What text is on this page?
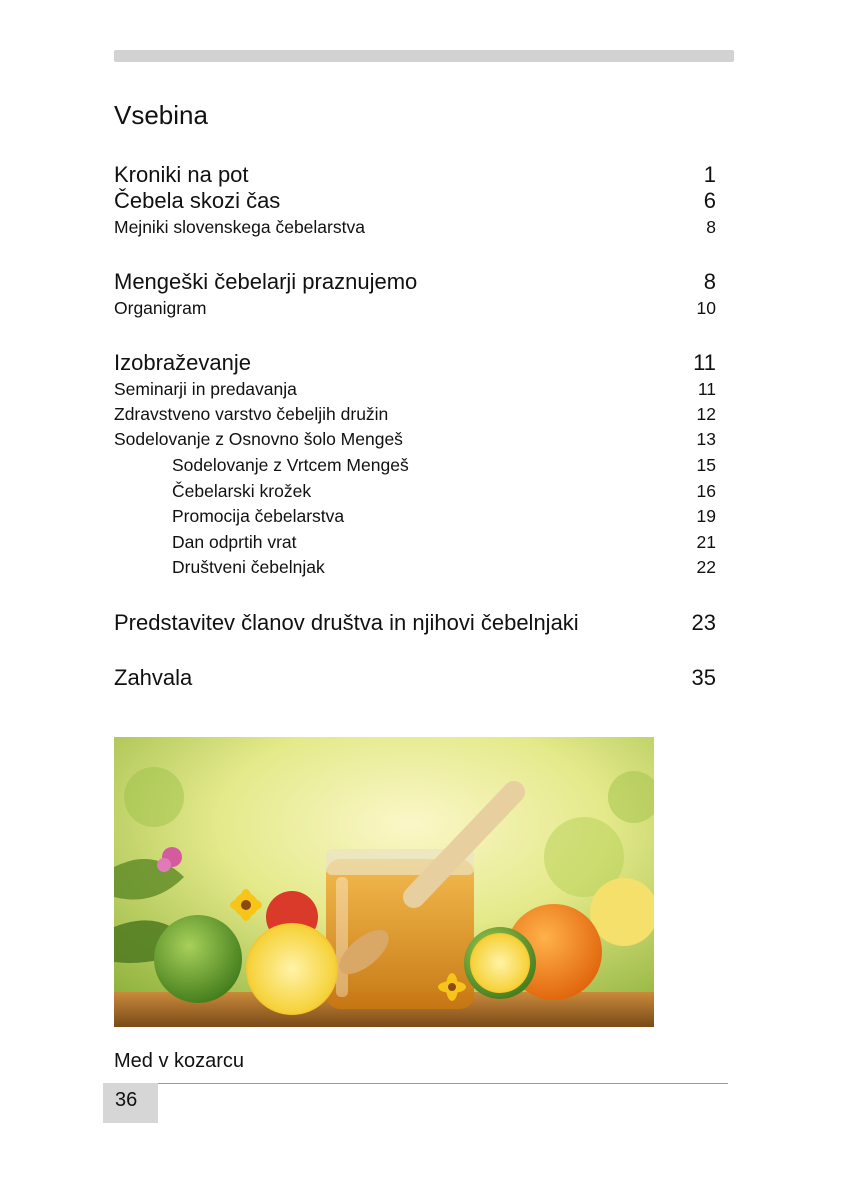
Vsebina
Kroniki na pot	1
Čebela skozi čas	6
Mejniki slovenskega čebelarstva	8
Mengeški čebelarji praznujemo	8
Organigram	10
Izobraževanje	11
Seminarji in predavanja	11
Zdravstveno varstvo čebeljih družin	12
Sodelovanje z Osnovno šolo Mengeš	13
Sodelovanje z Vrtcem Mengeš	15
Čebelarski krožek	16
Promocija čebelarstva	19
Dan odprtih vrat	21
Društveni čebelnjak	22
Predstavitev članov društva in njihovi čebelnjaki	23
Zahvala	35
Med v kozarcu
36
